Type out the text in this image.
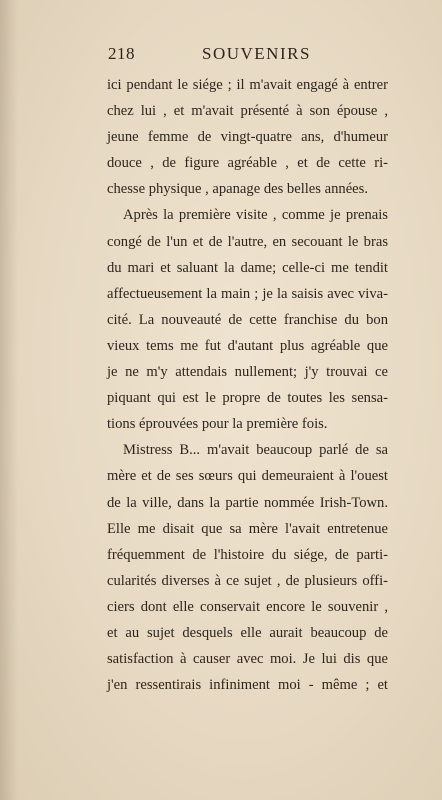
218	SOUVENIRS
ici pendant le siége ; il m'avait engagé à entrer
chez lui , et m'avait présenté à son épouse ,
jeune femme de vingt-quatre ans, d'humeur
douce , de figure agréable , et de cette ri-
chesse physique , apanage des belles années.
Après la première visite , comme je prenais
congé de l'un et de l'autre, en secouant le bras
du mari et saluant la dame; celle-ci me tendit
affectueusement la main ; je la saisis avec viva-
cité. La nouveauté de cette franchise du bon
vieux tems me fut d'autant plus agréable que
je ne m'y attendais nullement; j'y trouvai ce
piquant qui est le propre de toutes les sensa-
tions éprouvées pour la première fois.
Mistress B... m'avait beaucoup parlé de sa
mère et de ses sœurs qui demeuraient à l'ouest
de la ville, dans la partie nommée Irish-Town.
Elle me disait que sa mère l'avait entretenue
fréquemment de l'histoire du siége, de parti-
cularités diverses à ce sujet , de plusieurs offi-
ciers dont elle conservait encore le souvenir ,
et au sujet desquels elle aurait beaucoup de
satisfaction à causer avec moi. Je lui dis que
j'en ressentirais infiniment moi - même ; et
